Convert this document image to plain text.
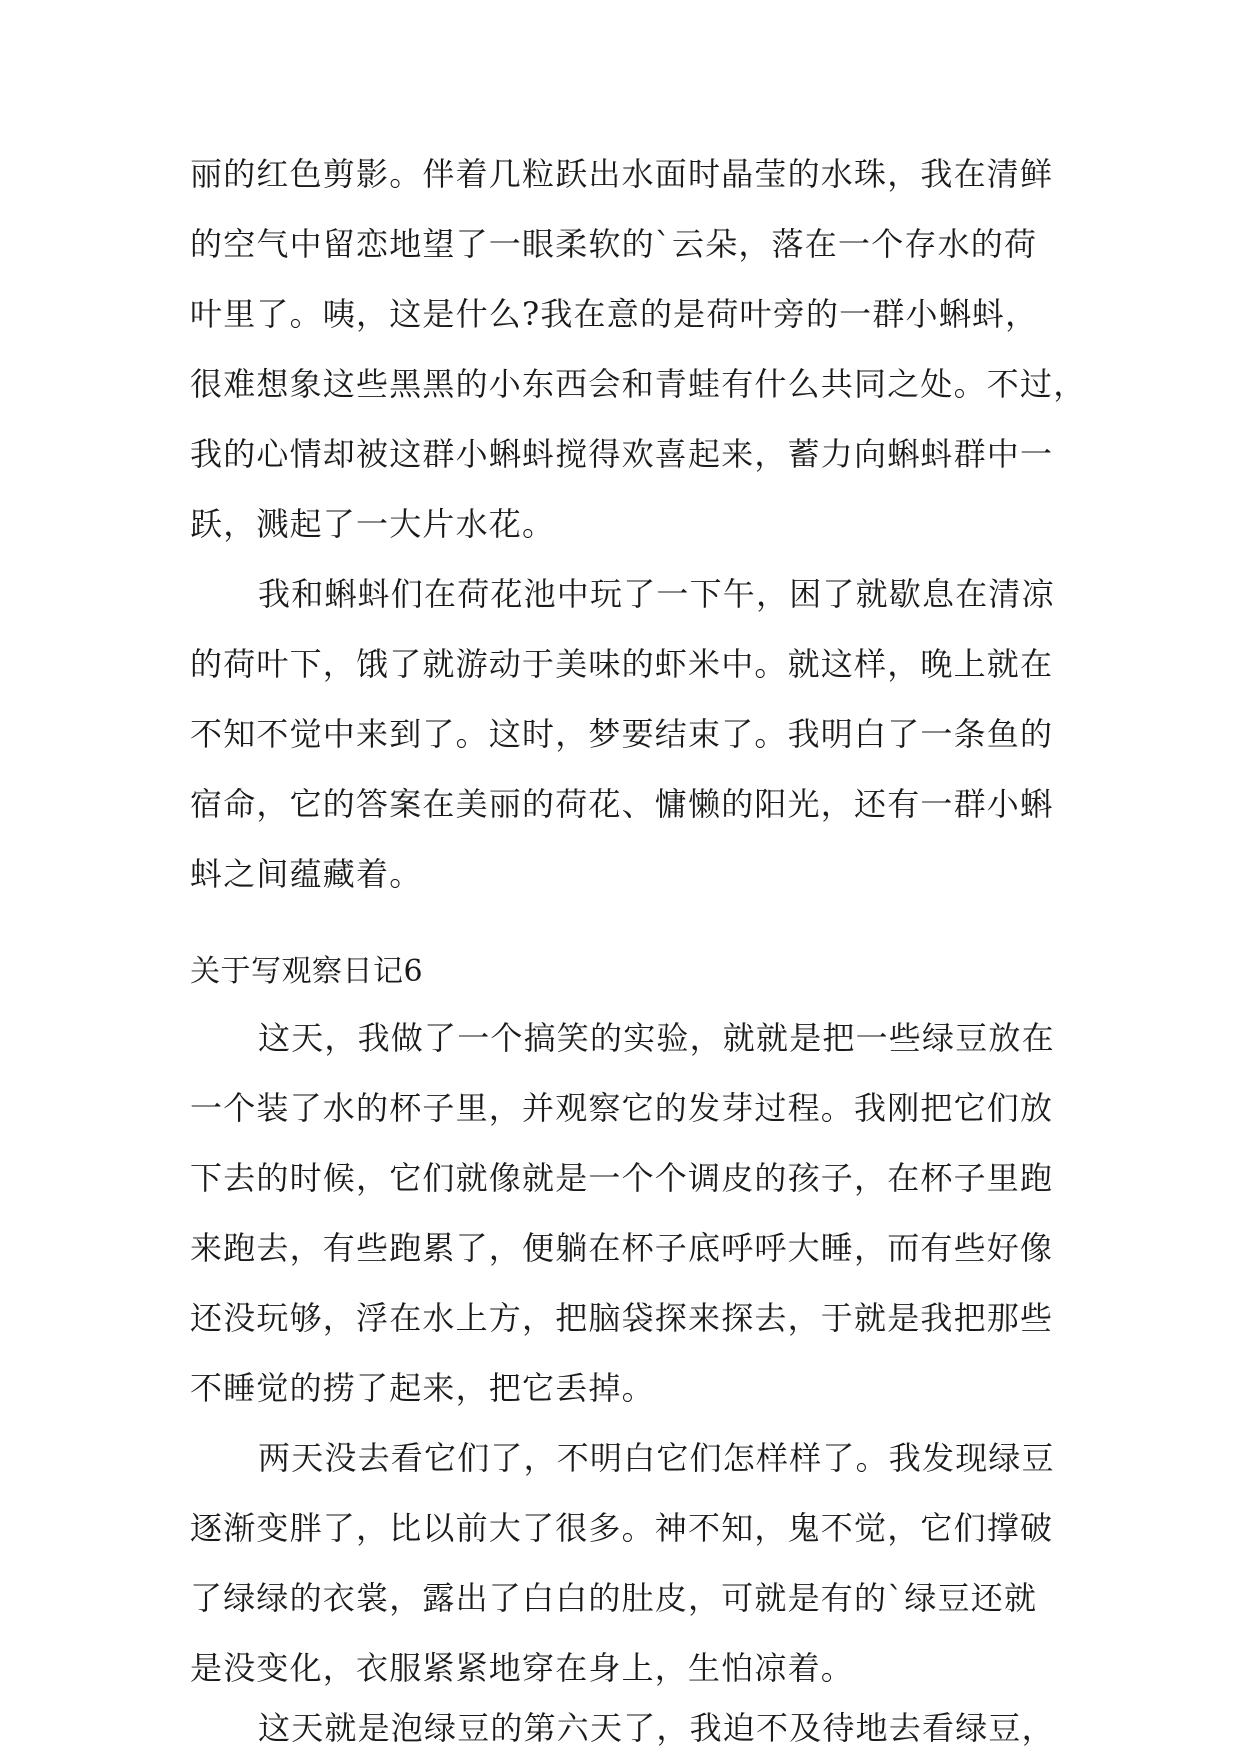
丽的红色剪影。伴着几粒跃出水面时晶莹的水珠，我在清鲜
的空气中留恋地望了一眼柔软的`云朵，落在一个存水的荷
叶里了。咦，这是什么?我在意的是荷叶旁的一群小蝌蚪，
很难想象这些黑黑的小东西会和青蛙有什么共同之处。不过，
我的心情却被这群小蝌蚪搅得欢喜起来，蓄力向蝌蚪群中一
跃，溅起了一大片水花。
我和蝌蚪们在荷花池中玩了一下午，困了就歇息在清凉
的荷叶下，饿了就游动于美味的虾米中。就这样，晚上就在
不知不觉中来到了。这时，梦要结束了。我明白了一条鱼的
宿命，它的答案在美丽的荷花、慵懒的阳光，还有一群小蝌
蚪之间蕴藏着。
关于写观察日记6
这天，我做了一个搞笑的实验，就就是把一些绿豆放在
一个装了水的杯子里，并观察它的发芽过程。我刚把它们放
下去的时候，它们就像就是一个个调皮的孩子，在杯子里跑
来跑去，有些跑累了，便躺在杯子底呼呼大睡，而有些好像
还没玩够，浮在水上方，把脑袋探来探去，于就是我把那些
不睡觉的捞了起来，把它丢掉。
两天没去看它们了，不明白它们怎样样了。我发现绿豆
逐渐变胖了，比以前大了很多。神不知，鬼不觉，它们撑破
了绿绿的衣裳，露出了白白的肚皮，可就是有的`绿豆还就
是没变化，衣服紧紧地穿在身上，生怕凉着。
这天就是泡绿豆的第六天了，我迫不及待地去看绿豆，
